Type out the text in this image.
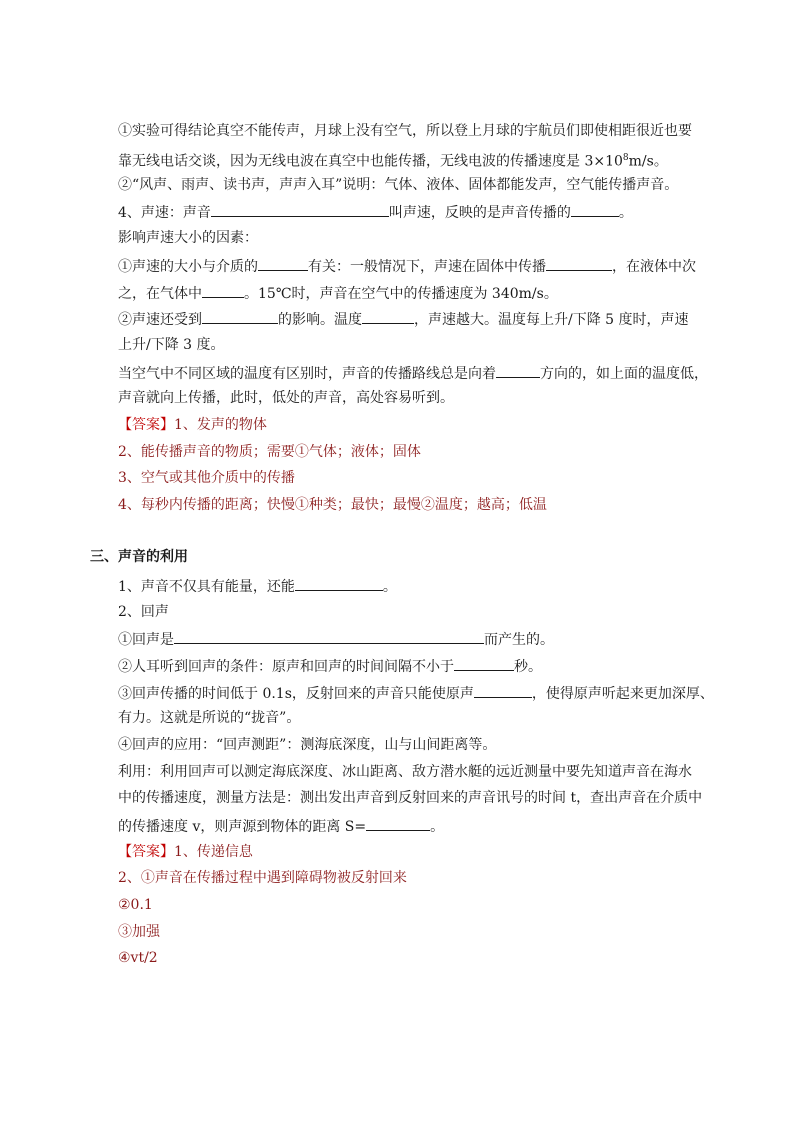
①实验可得结论真空不能传声，月球上没有空气，所以登上月球的宇航员们即使相距很近也要
靠无线电话交谈，因为无线电波在真空中也能传播，无线电波的传播速度是 $3\times 10^8m/s$。
②“风声、雨声、读书声，声声入耳”说明：气体、液体、固体都能发声，空气能传播声音。
4、声速：声音	叫声速，反映的是声音传播的	。
影响声速大小的因素：
①声速的大小与介质的	有关：一般情况下，声速在固体中传播	，在液体中次
之，在气体中	。15℃时，声音在空气中的传播速度为 340m/s。
②声速还受到	的影响。温度	，声速越大。温度每上升/下降 5 度时，声速
上升/下降 3 度。
当空气中不同区域的温度有区别时，声音的传播路线总是向着	方向的，如上面的温度低，
声音就向上传播，此时，低处的声音，高处容易听到。
【答案】1、发声的物体
2、能传播声音的物质；需要①气体；液体；固体
3、空气或其他介质中的传播
4、每秒内传播的距离；快慢①种类；最快；最慢②温度；越高；低温
三、声音的利用
1、声音不仅具有能量，还能	。
2、回声
①回声是	而产生的。
②人耳听到回声的条件：原声和回声的时间间隔不小于	秒。
③回声传播的时间低于 0.1s，反射回来的声音只能使原声	，使得原声听起来更加深厚、
有力。这就是所说的“拢音”。
④回声的应用：“回声测距”：测海底深度，山与山间距离等。
利用：利用回声可以测定海底深度、冰山距离、敌方潜水艇的远近测量中要先知道声音在海水
中的传播速度，测量方法是：测出发出声音到反射回来的声音讯号的时间 t，查出声音在介质中
的传播速度 v，则声源到物体的距离 S=	。
【答案】1、传递信息
2、①声音在传播过程中遇到障碍物被反射回来
②0.1
③加强
④vt/2
